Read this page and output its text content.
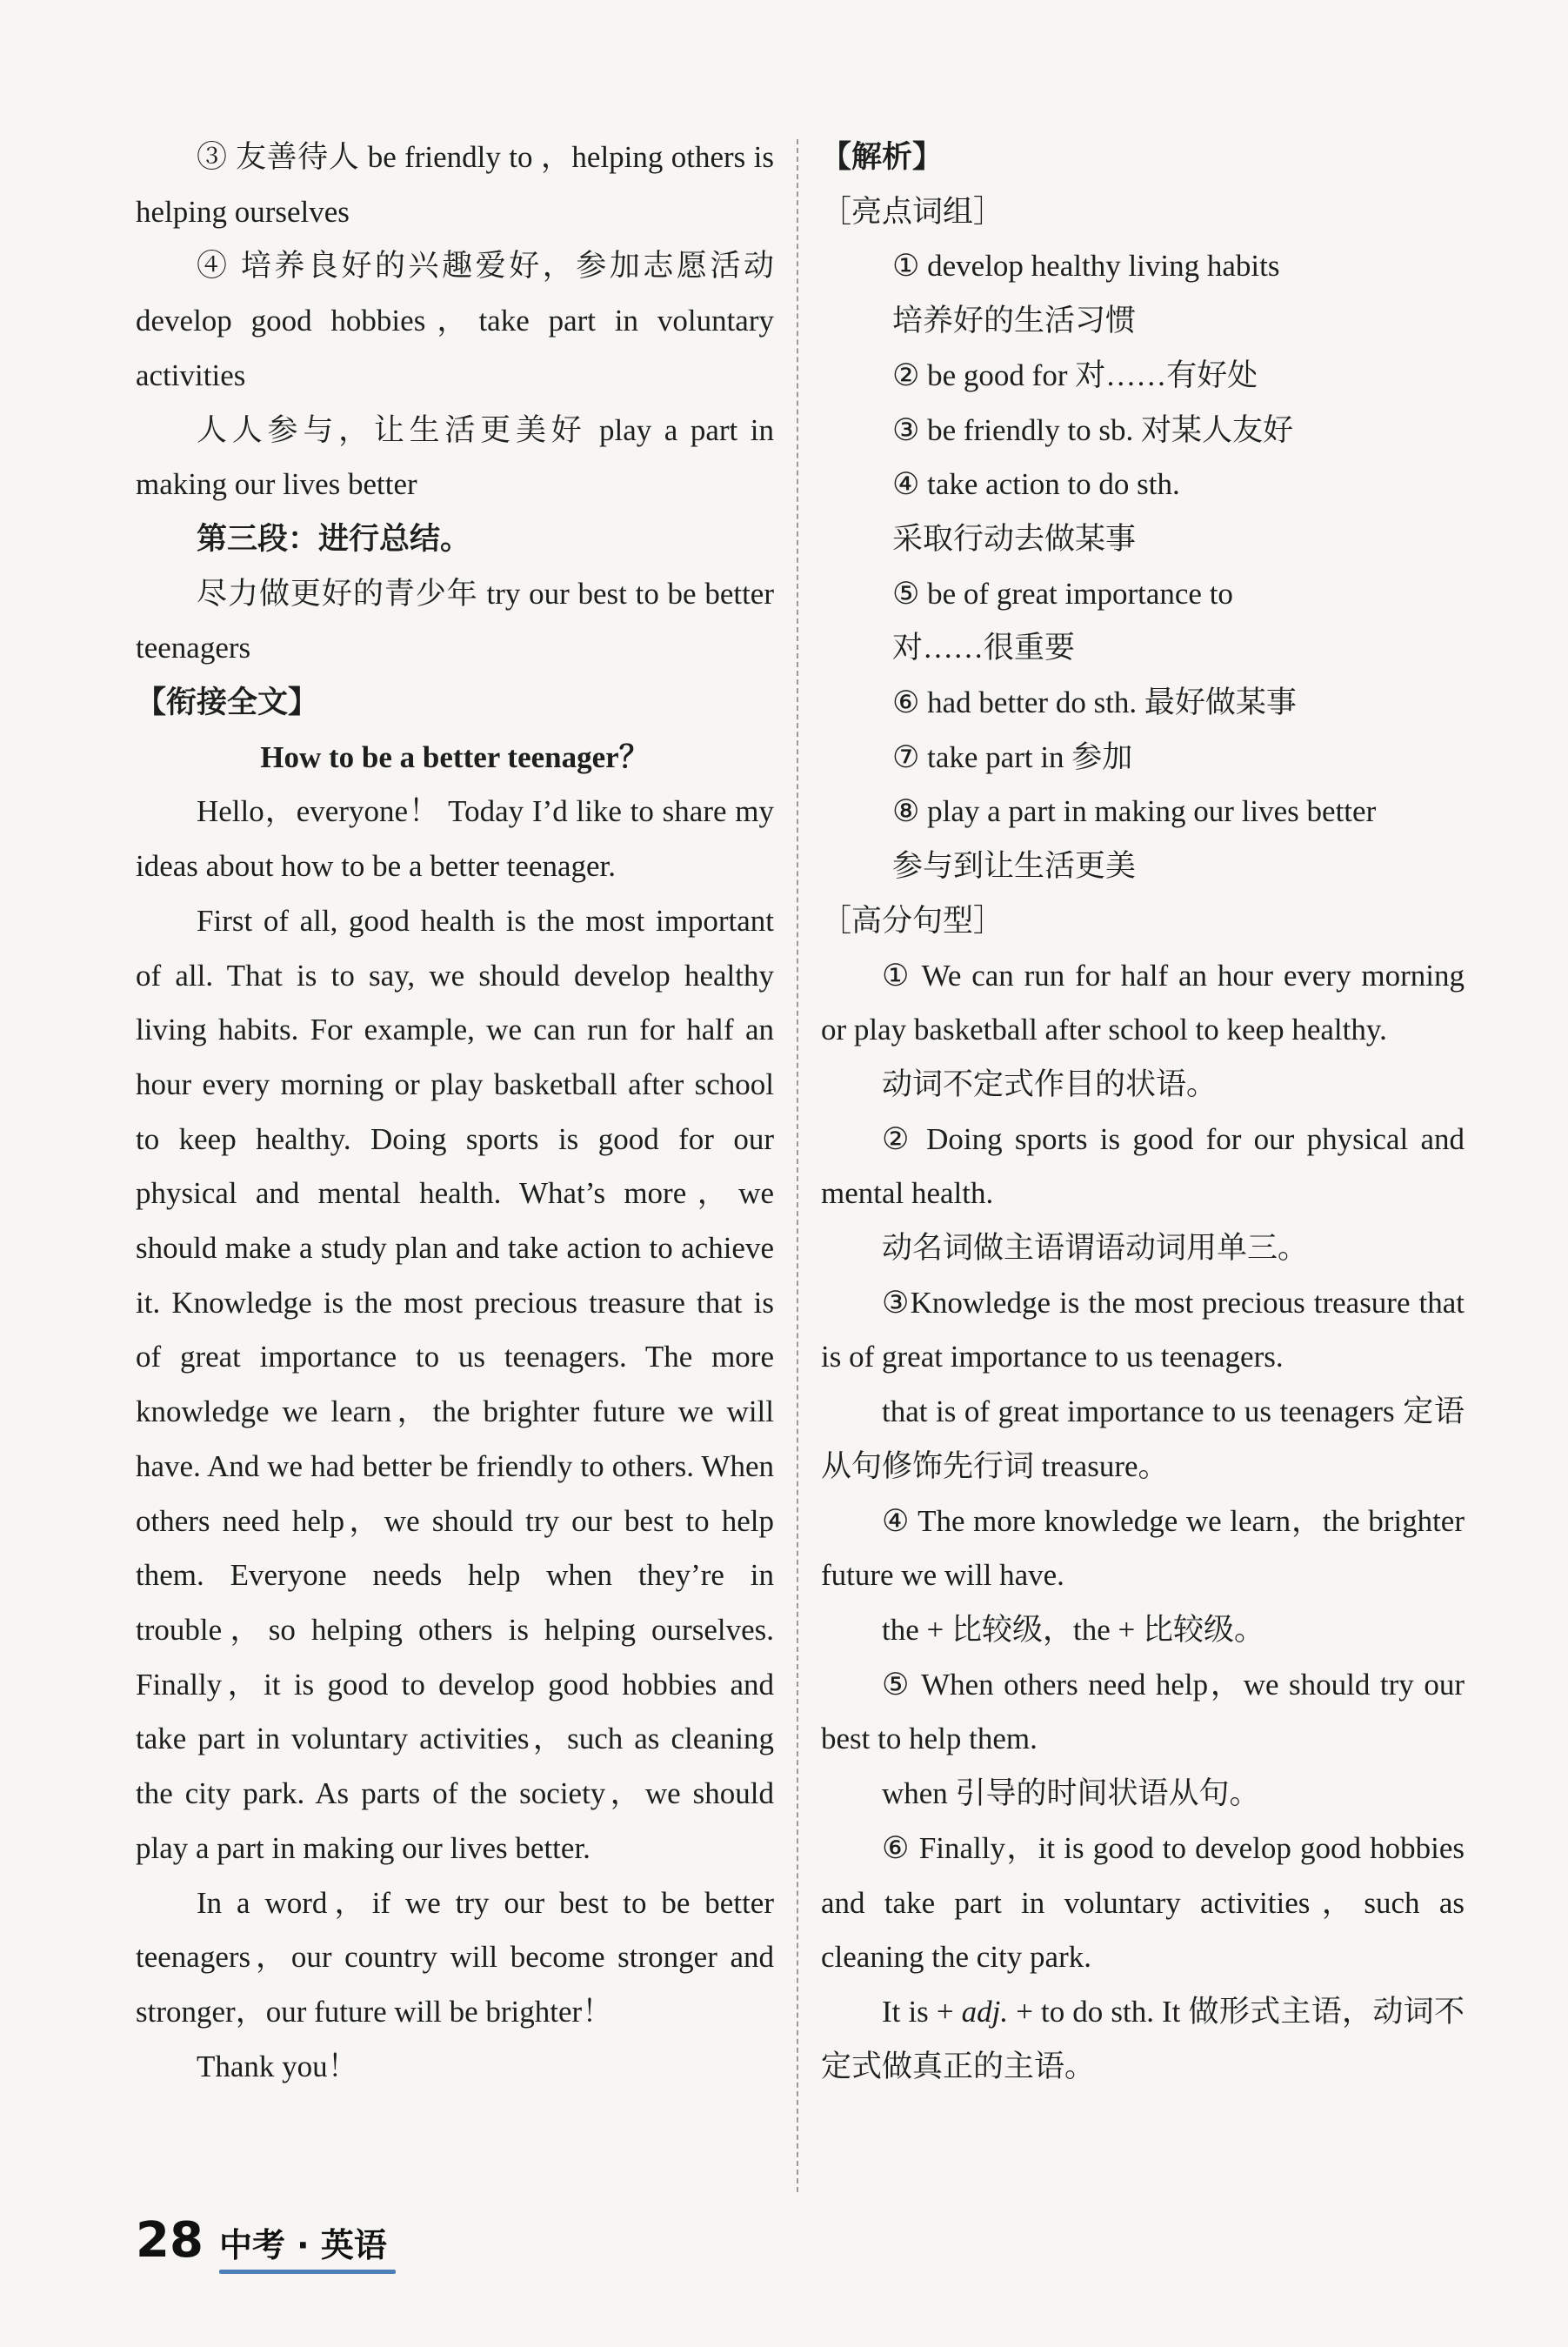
③ 友善待人 be friendly to ，helping others is helping ourselves

④ 培养良好的兴趣爱好，参加志愿活动 develop good hobbies，take part in voluntary activities

人人参与，让生活更美好 play a part in making our lives better

第三段：进行总结。

尽力做更好的青少年 try our best to be better teenagers

【衔接全文】

How to be a better teenager？

Hello，everyone！ Today I’d like to share my ideas about how to be a better teenager.

First of all, good health is the most important of all. That is to say, we should develop healthy living habits. For example, we can run for half an hour every morning or play basketball after school to keep healthy. Doing sports is good for our physical and mental health. What’s more，we should make a study plan and take action to achieve it. Knowledge is the most precious treasure that is of great importance to us teenagers. The more knowledge we learn，the brighter future we will have. And we had better be friendly to others. When others need help，we should try our best to help them. Everyone needs help when they’re in trouble，so helping others is helping ourselves. Finally，it is good to develop good hobbies and take part in voluntary activities，such as cleaning the city park. As parts of the society，we should play a part in making our lives better.

In a word，if we try our best to be better teenagers，our country will become stronger and stronger，our future will be brighter！

Thank you！

【解析】

［亮点词组］

① develop healthy living habits

培养好的生活习惯

② be good for 对……有好处

③ be friendly to sb. 对某人友好

④ take action to do sth.

采取行动去做某事

⑤ be of great importance to

对……很重要

⑥ had better do sth. 最好做某事

⑦ take part in 参加

⑧ play a part in making our lives better

参与到让生活更美

［高分句型］

① We can run for half an hour every morning or play basketball after school to keep healthy.

动词不定式作目的状语。

② Doing sports is good for our physical and mental health.

动名词做主语谓语动词用单三。

③Knowledge is the most precious treasure that is of great importance to us teenagers.

that is of great importance to us teenagers 定语从句修饰先行词 treasure。

④ The more knowledge we learn，the brighter future we will have.

the + 比较级，the + 比较级。

⑤ When others need help，we should try our best to help them.

when 引导的时间状语从句。

⑥ Finally，it is good to develop good hobbies and take part in voluntary activities，such as cleaning the city park.

It is + adj. + to do sth. It 做形式主语，动词不定式做真正的主语。

28 中考 · 英语
